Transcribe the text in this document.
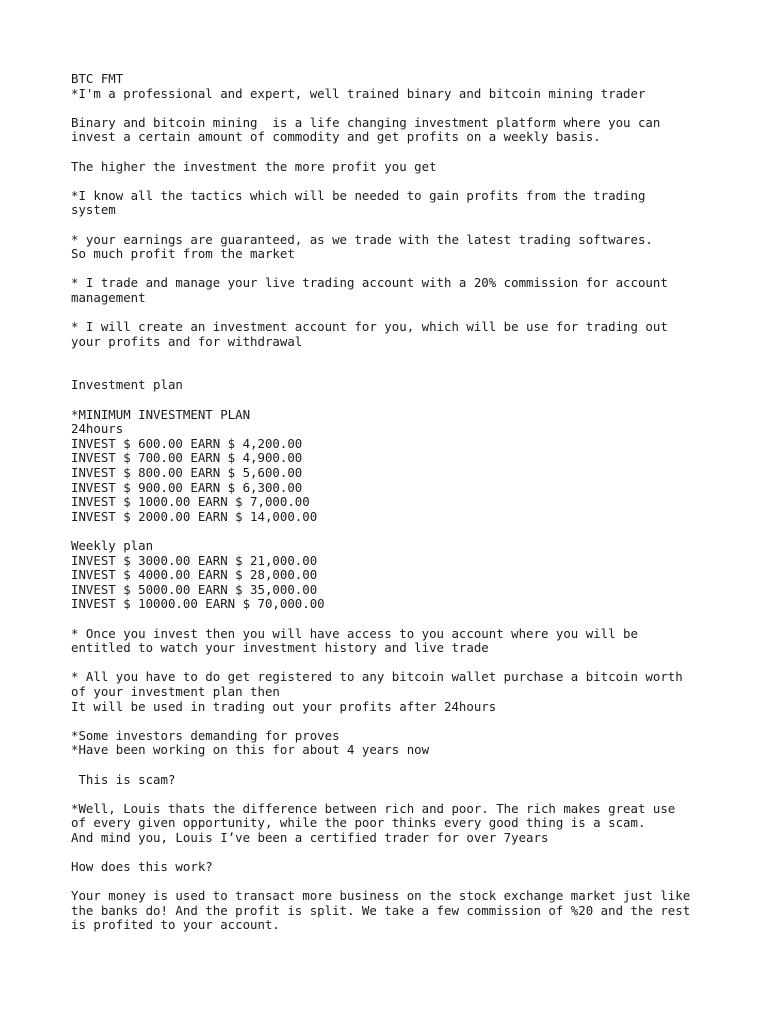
BTC FMT
*I'm a professional and expert, well trained binary and bitcoin mining trader
Binary and bitcoin mining  is a life changing investment platform where you can
invest a certain amount of commodity and get profits on a weekly basis.
The higher the investment the more profit you get
*I know all the tactics which will be needed to gain profits from the trading
system
* your earnings are guaranteed, as we trade with the latest trading softwares.
So much profit from the market
* I trade and manage your live trading account with a 20% commission for account
management
* I will create an investment account for you, which will be use for trading out
your profits and for withdrawal
Investment plan
*MINIMUM INVESTMENT PLAN
24hours
INVEST $ 600.00 EARN $ 4,200.00
INVEST $ 700.00 EARN $ 4,900.00
INVEST $ 800.00 EARN $ 5,600.00
INVEST $ 900.00 EARN $ 6,300.00
INVEST $ 1000.00 EARN $ 7,000.00
INVEST $ 2000.00 EARN $ 14,000.00
Weekly plan
INVEST $ 3000.00 EARN $ 21,000.00
INVEST $ 4000.00 EARN $ 28,000.00
INVEST $ 5000.00 EARN $ 35,000.00
INVEST $ 10000.00 EARN $ 70,000.00
* Once you invest then you will have access to you account where you will be
entitled to watch your investment history and live trade
* All you have to do get registered to any bitcoin wallet purchase a bitcoin worth
of your investment plan then
It will be used in trading out your profits after 24hours
*Some investors demanding for proves
*Have been working on this for about 4 years now
This is scam?
*Well, Louis thats the difference between rich and poor. The rich makes great use
of every given opportunity, while the poor thinks every good thing is a scam.
And mind you, Louis I’ve been a certified trader for over 7years
How does this work?
Your money is used to transact more business on the stock exchange market just like
the banks do! And the profit is split. We take a few commission of %20 and the rest
is profited to your account.
